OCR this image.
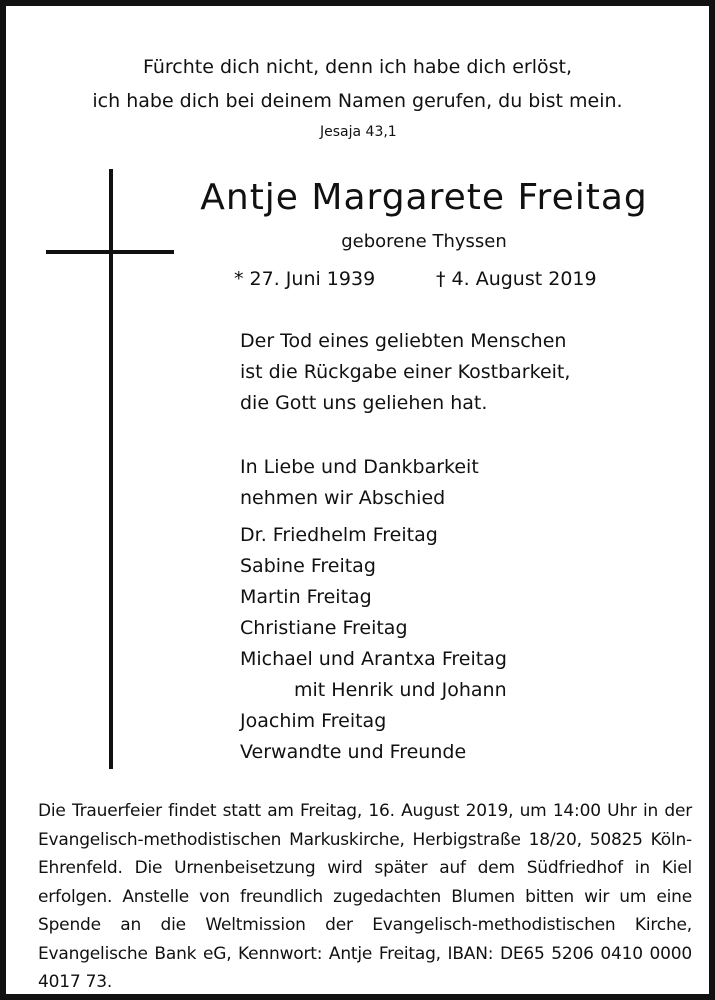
Fürchte dich nicht, denn ich habe dich erlöst,
ich habe dich bei deinem Namen gerufen, du bist mein.
Jesaja 43,1
Antje Margarete Freitag
geborene Thyssen
* 27. Juni 1939	† 4. August 2019
Der Tod eines geliebten Menschen
ist die Rückgabe einer Kostbarkeit,
die Gott uns geliehen hat.
In Liebe und Dankbarkeit
nehmen wir Abschied
Dr. Friedhelm Freitag
Sabine Freitag
Martin Freitag
Christiane Freitag
Michael und Arantxa Freitag
mit Henrik und Johann
Joachim Freitag
Verwandte und Freunde
Die Trauerfeier findet statt am Freitag, 16. August 2019, um 14:00 Uhr in der Evangelisch-methodistischen Markuskirche, Herbigstraße 18/20, 50825 Köln-Ehrenfeld. Die Urnenbeisetzung wird später auf dem Südfriedhof in Kiel erfolgen. Anstelle von freundlich zugedachten Blumen bitten wir um eine Spende an die Weltmission der Evangelisch-methodistischen Kirche, Evangelische Bank eG, Kennwort: Antje Freitag, IBAN: DE65 5206 0410 0000 4017 73.
